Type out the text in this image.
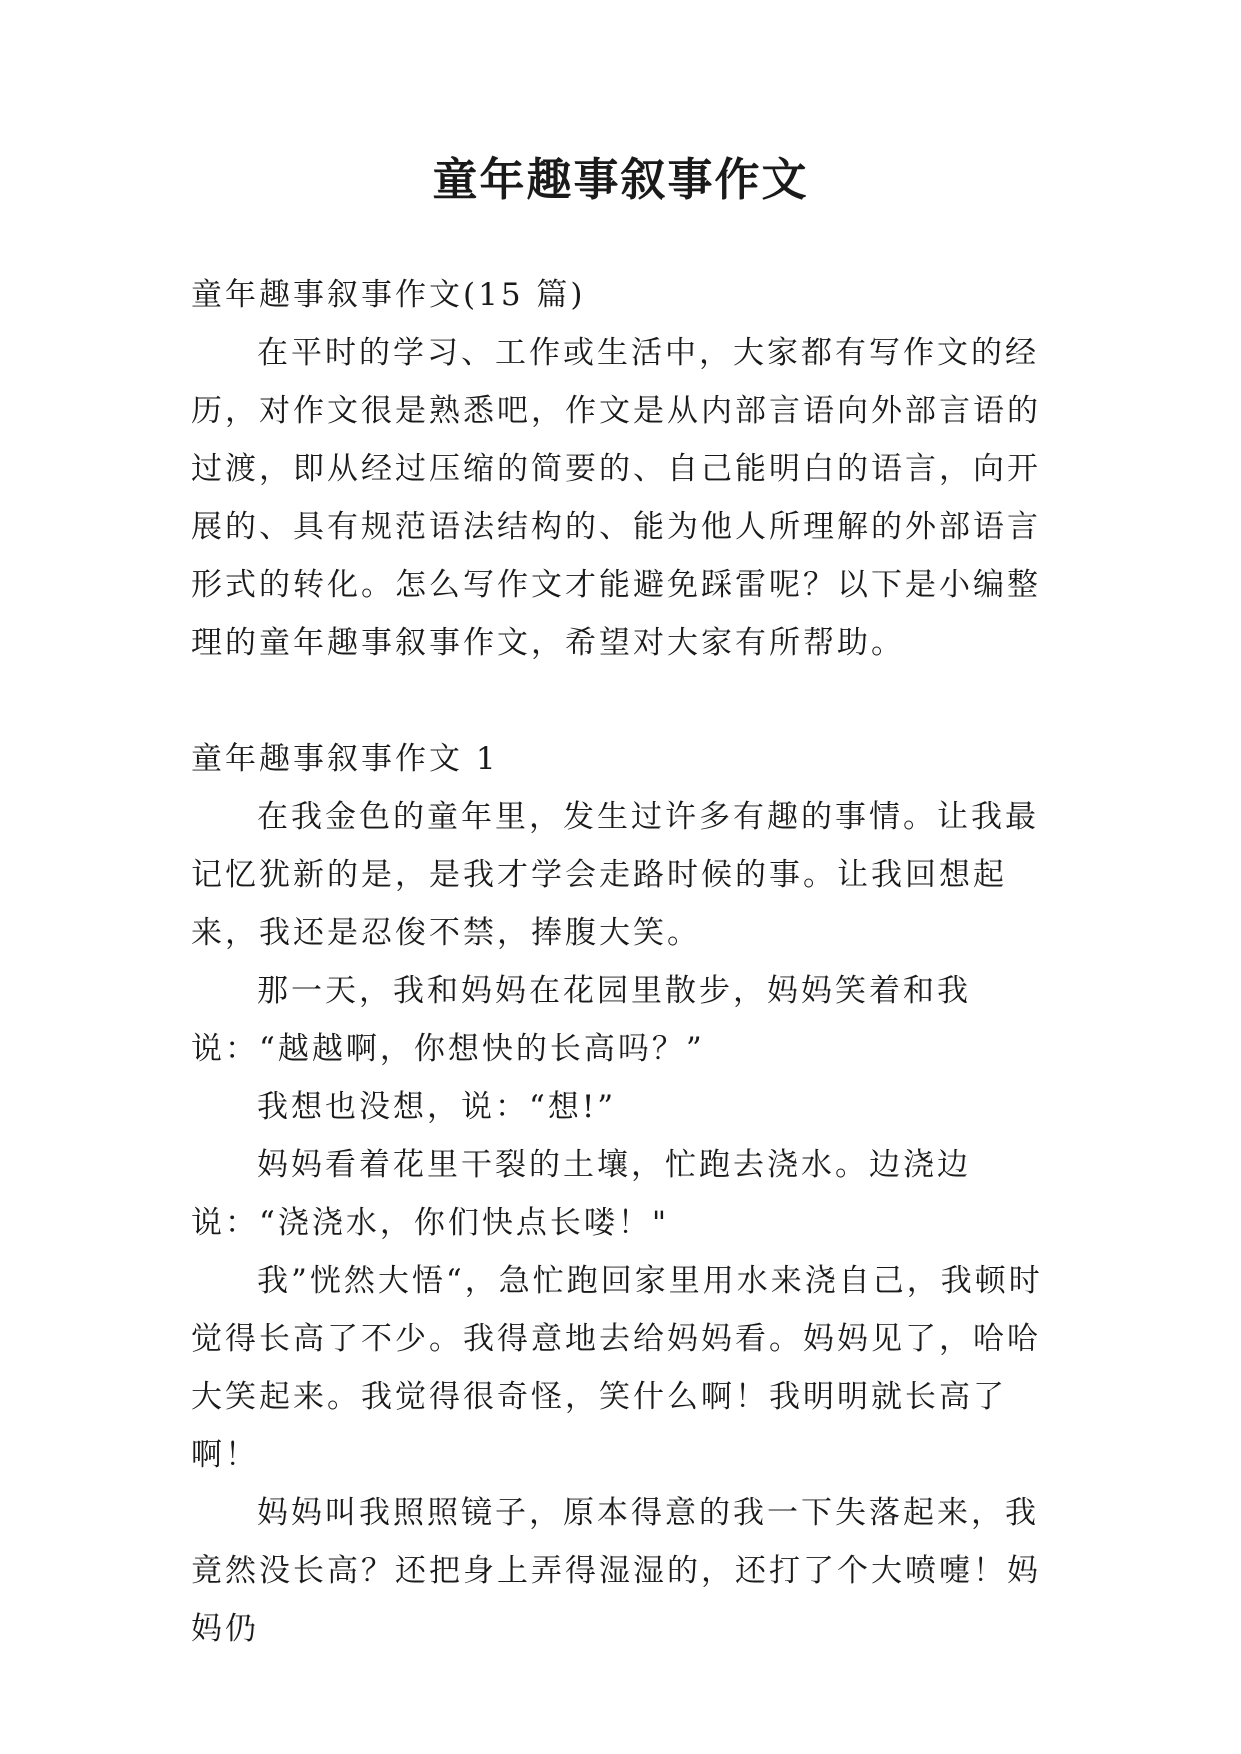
童年趣事叙事作文

童年趣事叙事作文(15 篇)

在平时的学习、工作或生活中，大家都有写作文的经历，对作文很是熟悉吧，作文是从内部言语向外部言语的过渡，即从经过压缩的简要的、自己能明白的语言，向开展的、具有规范语法结构的、能为他人所理解的外部语言形式的转化。怎么写作文才能避免踩雷呢？以下是小编整理的童年趣事叙事作文，希望对大家有所帮助。

童年趣事叙事作文 1

在我金色的童年里，发生过许多有趣的事情。让我最记忆犹新的是，是我才学会走路时候的事。让我回想起来，我还是忍俊不禁，捧腹大笑。

那一天，我和妈妈在花园里散步，妈妈笑着和我说：“越越啊，你想快的长高吗？”

我想也没想，说：“想!”

妈妈看着花里干裂的土壤，忙跑去浇水。边浇边说：“浇浇水，你们快点长喽！"

我”恍然大悟“，急忙跑回家里用水来浇自己，我顿时觉得长高了不少。我得意地去给妈妈看。妈妈见了，哈哈大笑起来。我觉得很奇怪，笑什么啊！我明明就长高了啊！

妈妈叫我照照镜子，原本得意的我一下失落起来，我竟然没长高？还把身上弄得湿湿的，还打了个大喷嚏！妈妈仍
